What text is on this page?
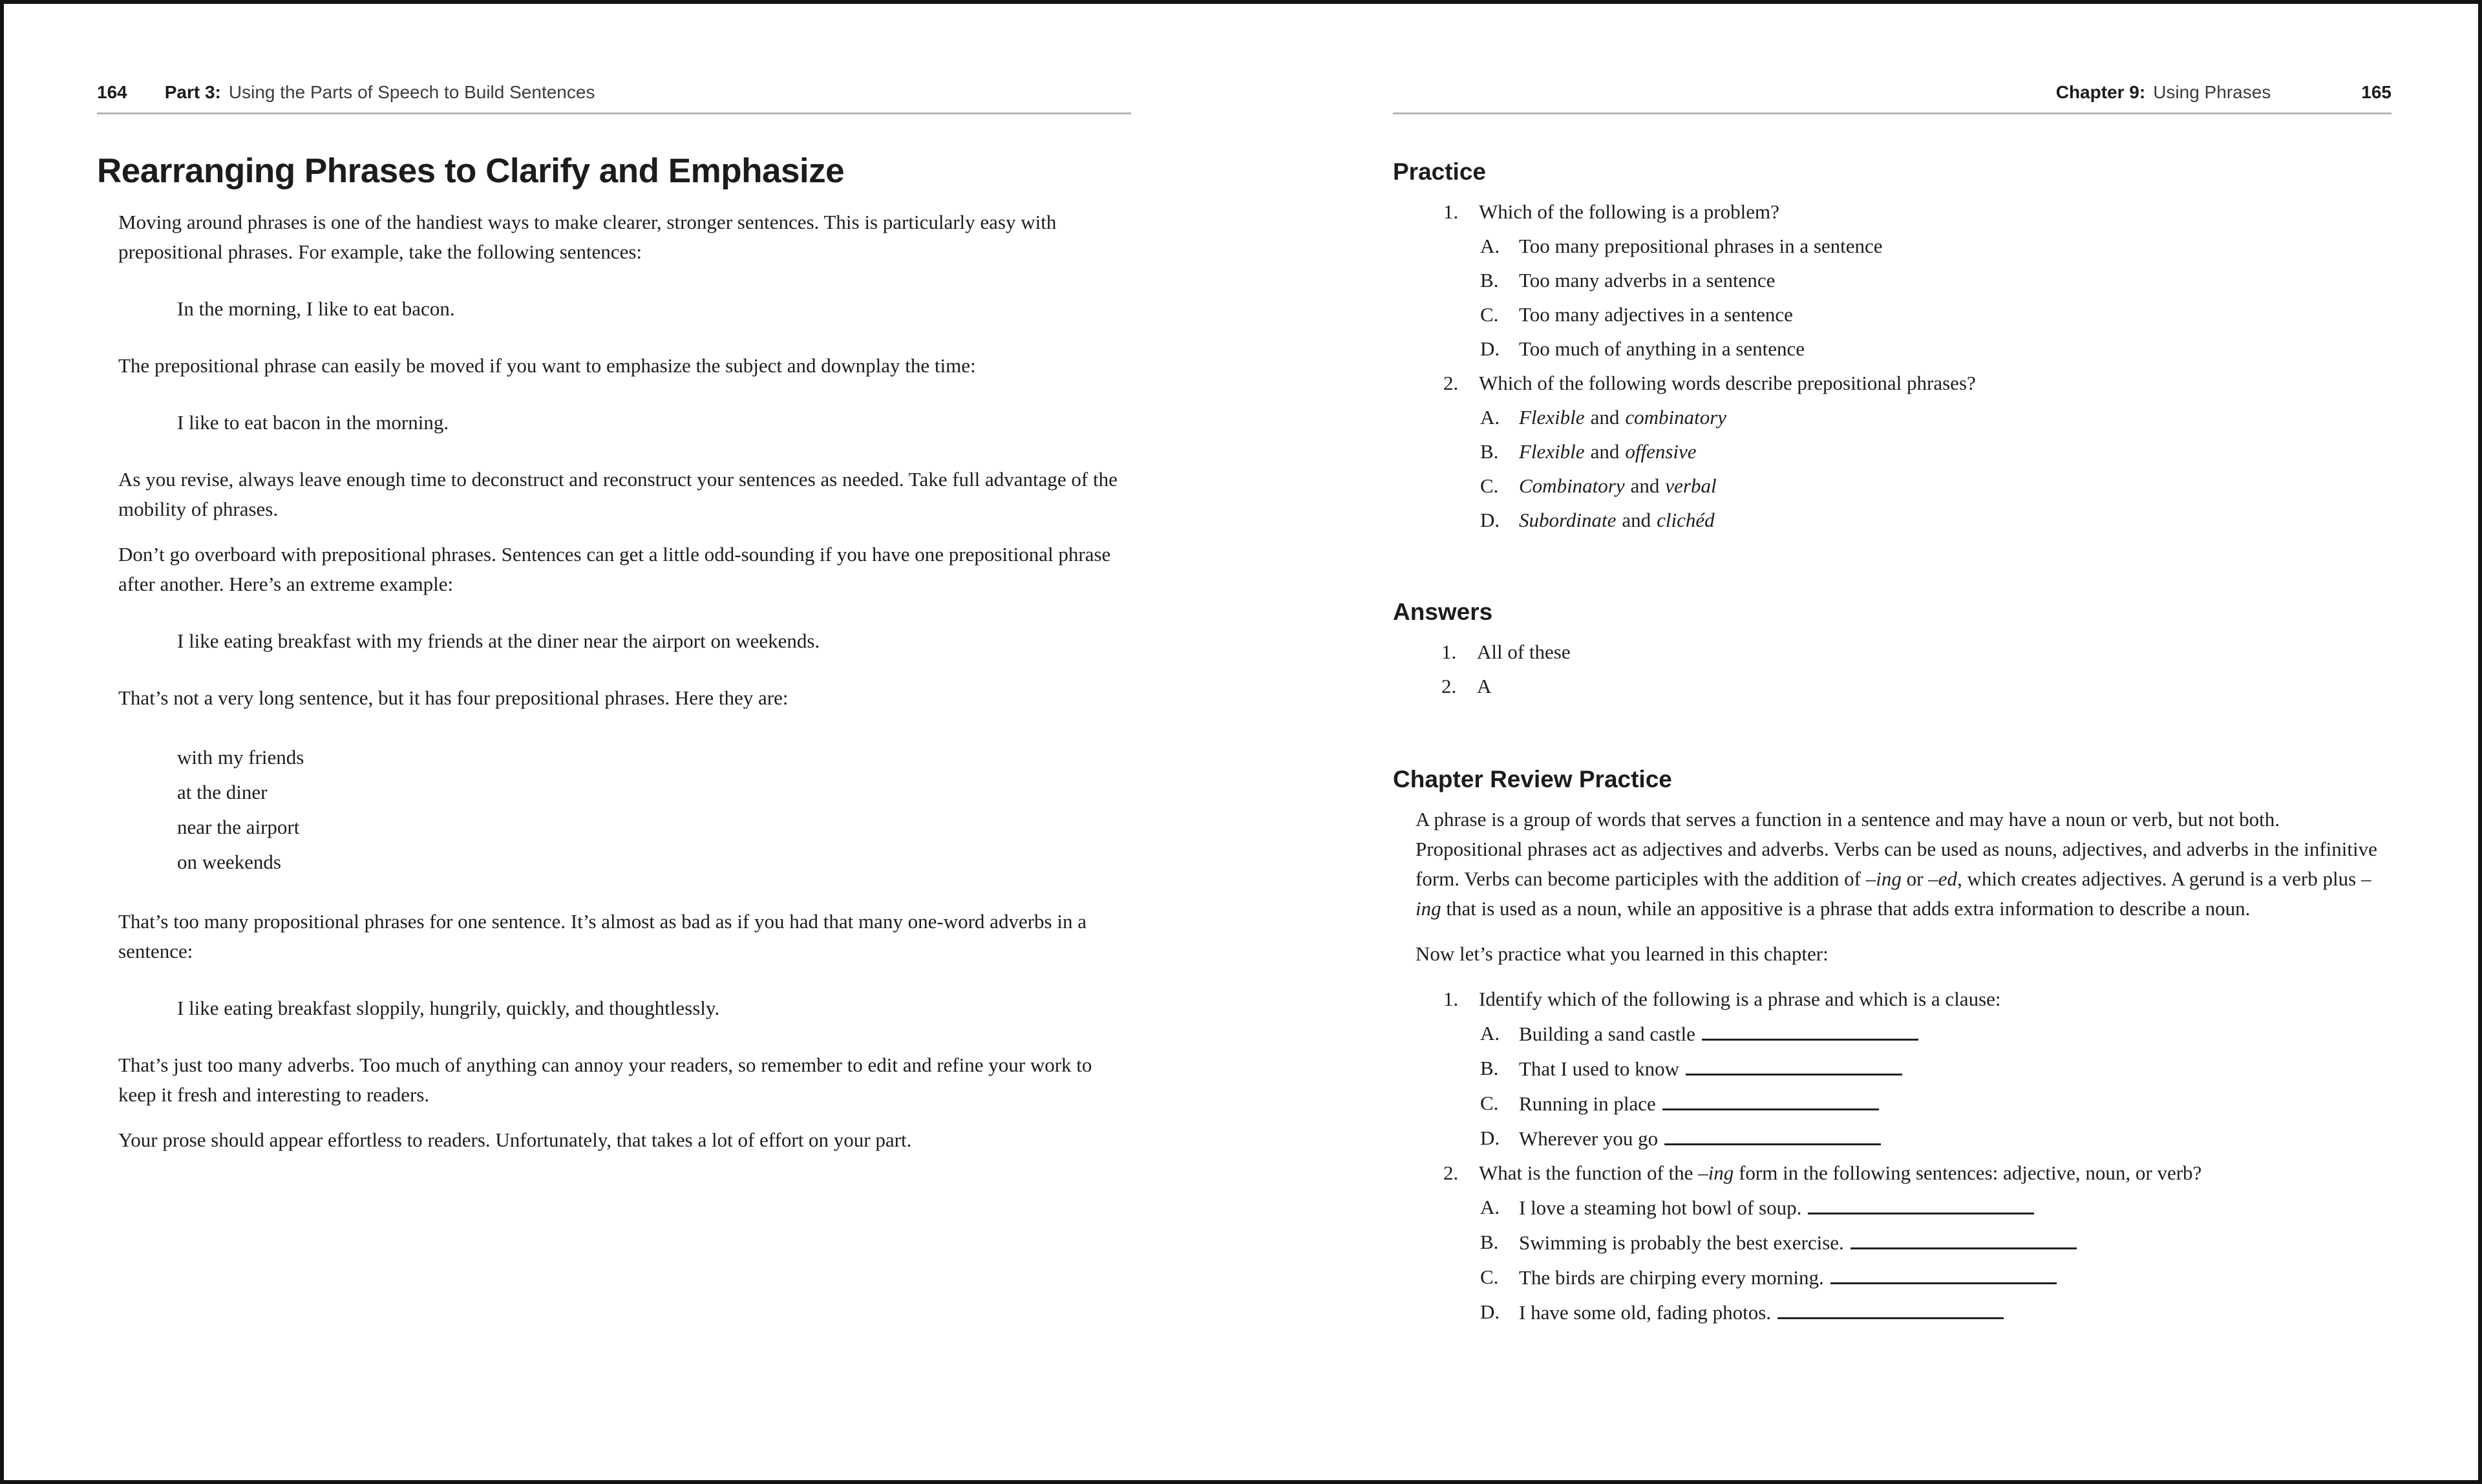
164 Part 3: Using the Parts of Speech to Build Sentences
Rearranging Phrases to Clarify and Emphasize

Moving around phrases is one of the handiest ways to make clearer, stronger sentences. This is particularly easy with prepositional phrases. For example, take the following sentences:

In the morning, I like to eat bacon.

The prepositional phrase can easily be moved if you want to emphasize the subject and downplay the time:

I like to eat bacon in the morning.

As you revise, always leave enough time to deconstruct and reconstruct your sentences as needed. Take full advantage of the mobility of phrases.

Don’t go overboard with prepositional phrases. Sentences can get a little odd-sounding if you have one prepositional phrase after another. Here’s an extreme example:

I like eating breakfast with my friends at the diner near the airport on weekends.

That’s not a very long sentence, but it has four prepositional phrases. Here they are:

with my friends
at the diner
near the airport
on weekends

That’s too many propositional phrases for one sentence. It’s almost as bad as if you had that many one-word adverbs in a sentence:

I like eating breakfast sloppily, hungrily, quickly, and thoughtlessly.

That’s just too many adverbs. Too much of anything can annoy your readers, so remember to edit and refine your work to keep it fresh and interesting to readers.

Your prose should appear effortless to readers. Unfortunately, that takes a lot of effort on your part.

Chapter 9: Using Phrases	165
Practice
1.	Which of the following is a problem?
A. Too many prepositional phrases in a sentence
B.	Too many adverbs in a sentence
C.	Too many adjectives in a sentence
D. Too much of anything in a sentence
2.	Which of the following words describe prepositional phrases?
A. Flexible and combinatory
B.	Flexible and offensive
C.	Combinatory and verbal
D. Subordinate and clichéd
Answers
1.	All of these
2.	A
Chapter Review Practice

A phrase is a group of words that serves a function in a sentence and may have a noun or verb, but not both. Propositional phrases act as adjectives and adverbs. Verbs can be used as nouns, adjectives, and adverbs in the infinitive form. Verbs can become participles with the addition of –ing or –ed, which creates adjectives. A gerund is a verb plus –ing that is used as a noun, while an appositive is a phrase that adds extra information to describe a noun.

Now let’s practice what you learned in this chapter:

1.	Identify which of the following is a phrase and which is a clause:
A. Building a sand castle
B.	That I used to know
C.	Running in place
D. Wherever you go
2.	What is the function of the –ing form in the following sentences: adjective, noun, or verb?
A. I love a steaming hot bowl of soup.
B.	Swimming is probably the best exercise.
C.	The birds are chirping every morning.
D. I have some old, fading photos.
